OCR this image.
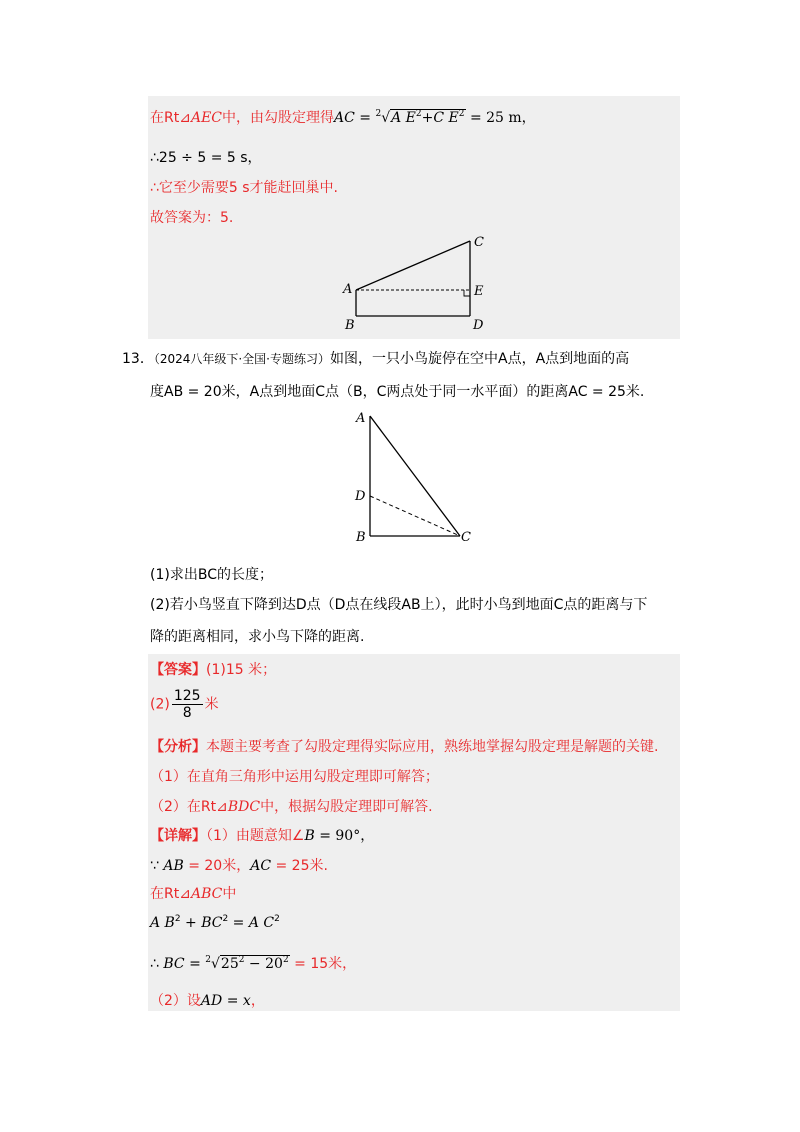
在Rt⊿AEC中，由勾股定理得AC = $^2$√A $E^2+C$ $E^2 = 25$ m，
∴25 ÷ 5 = 5 s，
∴它至少需要5 s才能赶回巢中.
故答案为：5.
A
B
C
D
E
13．（2024八年级下·全国·专题练习）如图，一只小鸟旋停在空中A点，A点到地面的高
度AB = 20米，A点到地面C点（B，C两点处于同一水平面）的距离AC = 25米.
A
D
B	C
(1)求出BC的长度；
(2)若小鸟竖直下降到达D点（D点在线段AB上），此时小鸟到地面C点的距离与下
降的距离相同，求小鸟下降的距离.
【答案】(1)15 米；
$(2) \frac{125}{8}$ 米
【分析】本题主要考查了勾股定理得实际应用，熟练地掌握勾股定理是解题的关键.
（1）在直角三角形中运用勾股定理即可解答；
（2）在Rt⊿BDC中，根据勾股定理即可解答.
【详解】（1）由题意知∠B = 90°，
∵ AB = 20米，AC = 25米.
在Rt⊿ABC中
A $B^2 + BC^2 = A$ $C^2$
∴ BC = $^2√25^2 - 20^2 = 15$米，
（2）设AD = x，
